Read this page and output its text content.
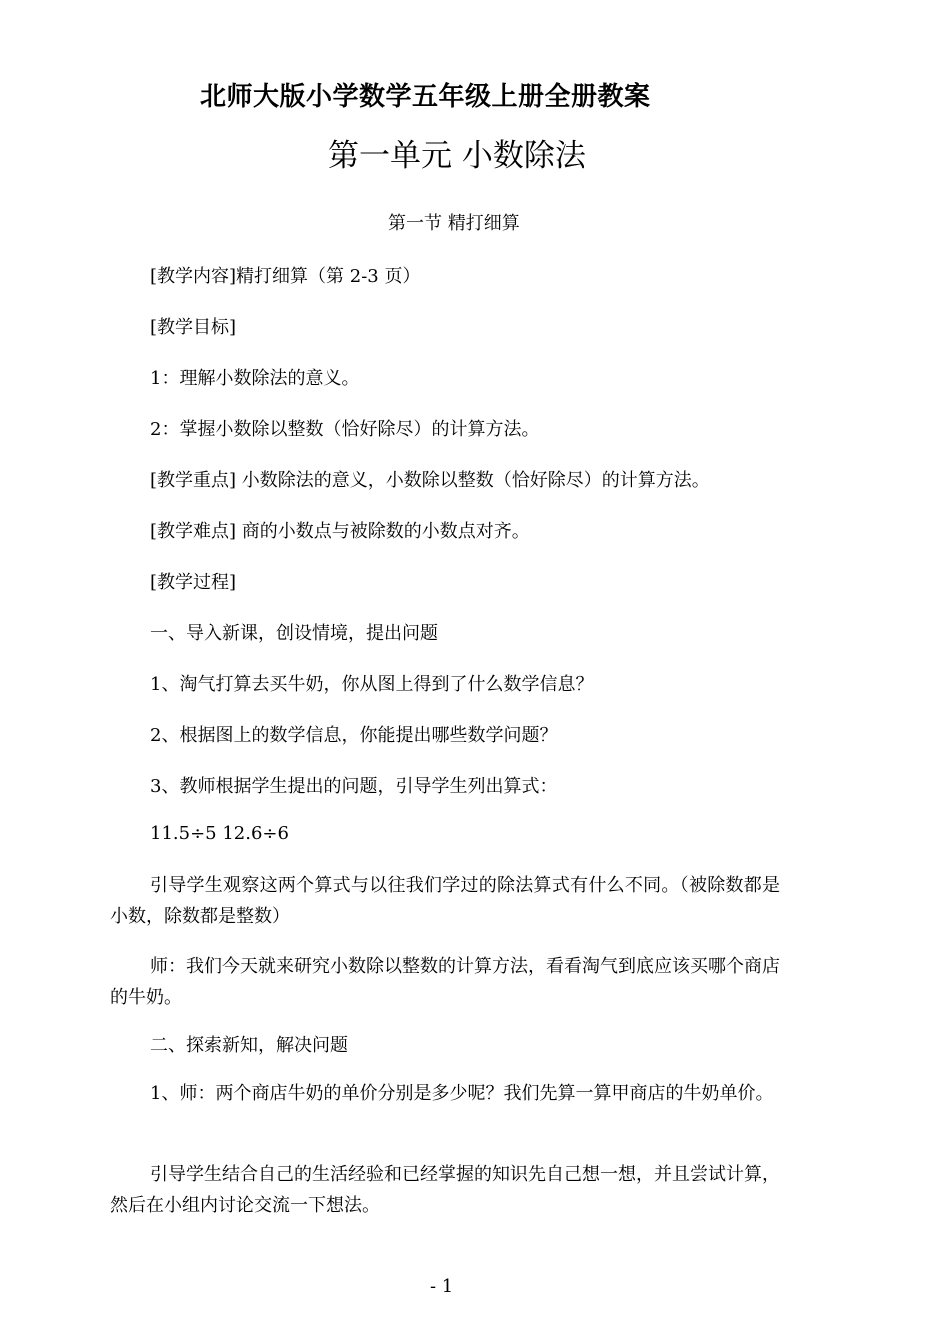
北师大版小学数学五年级上册全册教案
第一单元 小数除法
第一节 精打细算
[教学内容]精打细算（第 2-3 页）
[教学目标]
1：理解小数除法的意义。
2：掌握小数除以整数（恰好除尽）的计算方法。
[教学重点] 小数除法的意义，小数除以整数（恰好除尽）的计算方法。
[教学难点] 商的小数点与被除数的小数点对齐。
[教学过程]
一、导入新课，创设情境，提出问题
1、淘气打算去买牛奶，你从图上得到了什么数学信息？
2、根据图上的数学信息，你能提出哪些数学问题？
3、教师根据学生提出的问题，引导学生列出算式：
11.5÷5 12.6÷6
引导学生观察这两个算式与以往我们学过的除法算式有什么不同。（被除数都是小数，除数都是整数）
师：我们今天就来研究小数除以整数的计算方法，看看淘气到底应该买哪个商店的牛奶。
二、探索新知，解决问题
1、师：两个商店牛奶的单价分别是多少呢？我们先算一算甲商店的牛奶单价。
引导学生结合自己的生活经验和已经掌握的知识先自己想一想，并且尝试计算，然后在小组内讨论交流一下想法。
- 1
